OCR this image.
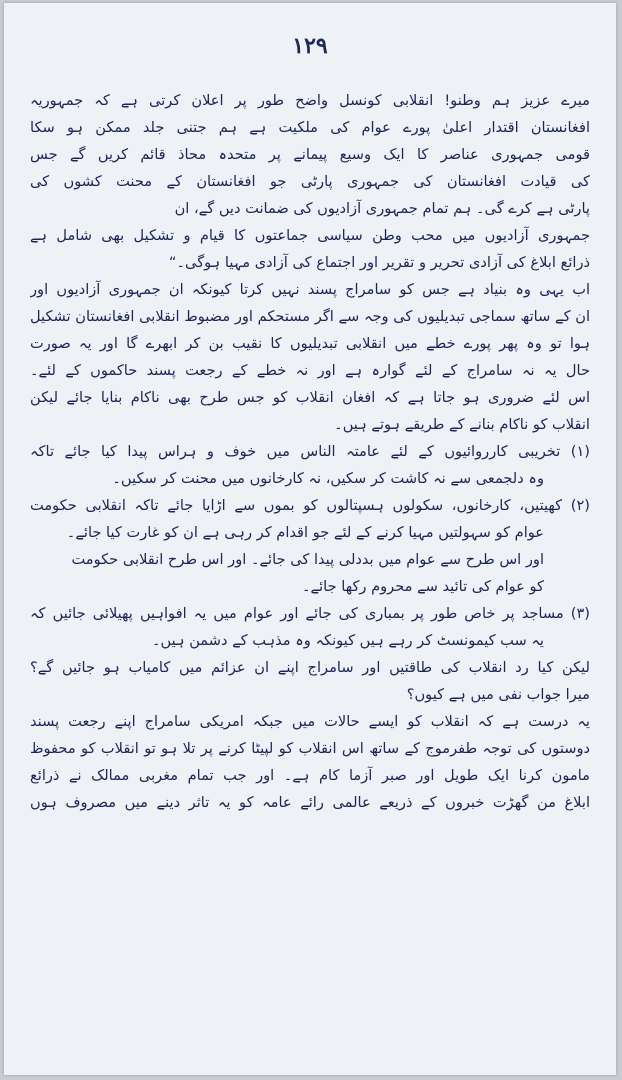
۱۲۹
میرے عزیز ہم وطنو! انقلابی کونسل واضح طور پر اعلان کرتی ہے کہ جمہوریہ
افغانستان اقتدار اعلیٰ پورے عوام کی ملکیت ہے ہم جتنی جلد ممکن ہو سکا
قومی جمہوری عناصر کا ایک وسیع پیمانے پر متحدہ محاذ قائم کریں گے جس
کی قیادت افغانستان کی جمہوری پارٹی جو افغانستان کے محنت کشوں کی
پارٹی ہے کرے گی۔ ہم تمام جمہوری آزادیوں کی ضمانت دیں گے، ان
جمہوری آزادیوں میں محب وطن سیاسی جماعتوں کا قیام و تشکیل بھی شامل ہے
ذرائع ابلاغ کی آزادی تحریر و تقریر اور اجتماع کی آزادی مہیا ہوگی۔“
اب یہی وہ بنیاد ہے جس کو سامراج پسند نہیں کرتا کیونکہ ان جمہوری آزادیوں اور
ان کے ساتھ سماجی تبدیلیوں کی وجہ سے اگر مستحکم اور مضبوط انقلابی افغانستان تشکیل
ہوا تو وہ پھر پورے خطے میں انقلابی تبدیلیوں کا نقیب بن کر ابھرے گا اور یہ صورت
حال یہ نہ سامراج کے لئے گوارہ ہے اور نہ خطے کے رجعت پسند حاکموں کے لئے۔
اس لئے ضروری ہو جاتا ہے کہ افغان انقلاب کو جس طرح بھی ناکام بنایا جائے لیکن
انقلاب کو ناکام بنانے کے طریقے ہوتے ہیں۔
(۱) تخریبی کارروائیوں کے لئے عامتہ الناس میں خوف و ہراس پیدا کیا جائے تاکہ
وہ دلجمعی سے نہ کاشت کر سکیں، نہ کارخانوں میں محنت کر سکیں۔
(۲) کھیتیں، کارخانوں، سکولوں ہسپتالوں کو بموں سے اڑایا جائے تاکہ انقلابی حکومت
عوام کو سہولتیں مہیا کرنے کے لئے جو اقدام کر رہی ہے ان کو غارت کیا جائے۔
اور اس طرح سے عوام میں بددلی پیدا کی جائے۔ اور اس طرح انقلابی حکومت
کو عوام کی تائید سے محروم رکھا جائے۔
(۳) مساجد پر خاص طور پر بمباری کی جائے اور عوام میں یہ افواہیں پھیلائی جائیں کہ
یہ سب کیمونسٹ کر رہے ہیں کیونکہ وہ مذہب کے دشمن ہیں۔
لیکن کیا رد انقلاب کی طاقتیں اور سامراج اپنے ان عزائم میں کامیاب ہو جائیں گے؟
میرا جواب نفی میں ہے کیوں؟
یہ درست ہے کہ انقلاب کو ایسے حالات میں جبکہ امریکی سامراج اپنے رجعت پسند
دوستوں کی توجہ طفرموج کے ساتھ اس انقلاب کو لپیٹا کرنے پر تلا ہو تو انقلاب کو محفوظ
مامون کرنا ایک طویل اور صبر آزما کام ہے۔ اور جب تمام مغربی ممالک نے ذرائع
ابلاغ من گھڑت خبروں کے ذریعے عالمی رائے عامہ کو یہ تاثر دینے میں مصروف ہوں
